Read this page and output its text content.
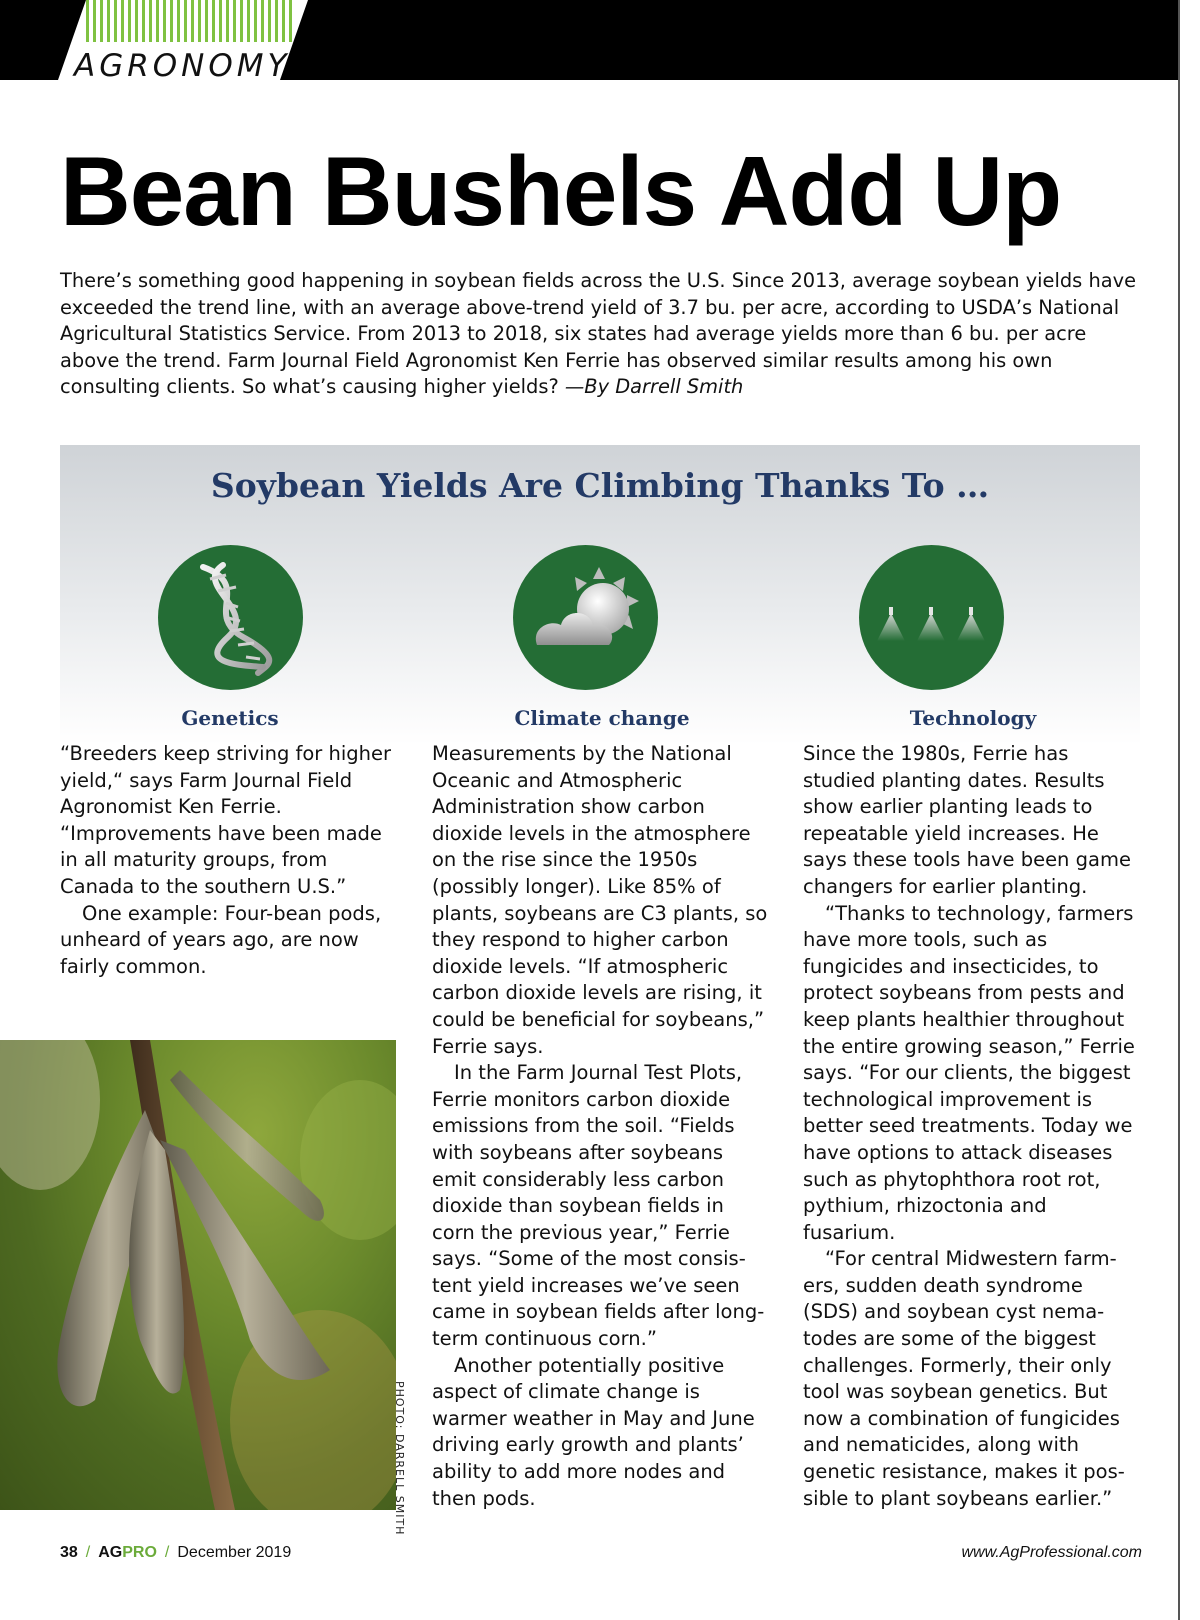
AGRONOMY
Bean Bushels Add Up

There’s something good happening in soybean fields across the U.S. Since 2013, average soybean yields have exceeded the trend line, with an average above-trend yield of 3.7 bu. per acre, according to USDA’s National Agricultural Statistics Service. From 2013 to 2018, six states had average yields more than 6 bu. per acre above the trend. Farm Journal Field Agronomist Ken Ferrie has observed similar results among his own consulting clients. So what’s causing higher yields? —By Darrell Smith

Soybean Yields Are Climbing Thanks To …
Genetics	Climate change	Technology

“Breeders keep striving for higher yield,“ says Farm Journal Field Agronomist Ken Ferrie. “Improvements have been made in all maturity groups, from Canada to the southern U.S.”

One example: Four-bean pods, unheard of years ago, are now fairly common.

Measurements by the National Oceanic and Atmospheric Administration show carbon dioxide levels in the atmosphere on the rise since the 1950s (possibly longer). Like 85% of plants, soybeans are C3 plants, so they respond to higher carbon dioxide levels. “If atmospheric carbon dioxide levels are rising, it could be beneficial for soybeans,” Ferrie says.

In the Farm Journal Test Plots, Ferrie monitors carbon dioxide emissions from the soil. “Fields with soybeans after soybeans emit considerably less carbon dioxide than soybean fields in corn the previous year,” Ferrie says. “Some of the most consistent yield increases we’ve seen came in soybean fields after long-term continuous corn.”

Another potentially positive aspect of climate change is warmer weather in May and June driving early growth and plants’ ability to add more nodes and then pods.

Since the 1980s, Ferrie has studied planting dates. Results show earlier planting leads to repeatable yield increases. He says these tools have been game changers for earlier planting.

“Thanks to technology, farmers have more tools, such as fungicides and insecticides, to protect soybeans from pests and keep plants healthier throughout the entire growing season,” Ferrie says. “For our clients, the biggest technological improvement is better seed treatments. Today we have options to attack diseases such as phytophthora root rot, pythium, rhizoctonia and fusarium.

“For central Midwestern farmers, sudden death syndrome (SDS) and soybean cyst nematodes are some of the biggest challenges. Formerly, their only tool was soybean genetics. But now a combination of fungicides and nematicides, along with genetic resistance, makes it possible to plant soybeans earlier.”

PHOTO: DARRELL SMITH
38 / AGPRO / December 2019	www.AgProfessional.com
